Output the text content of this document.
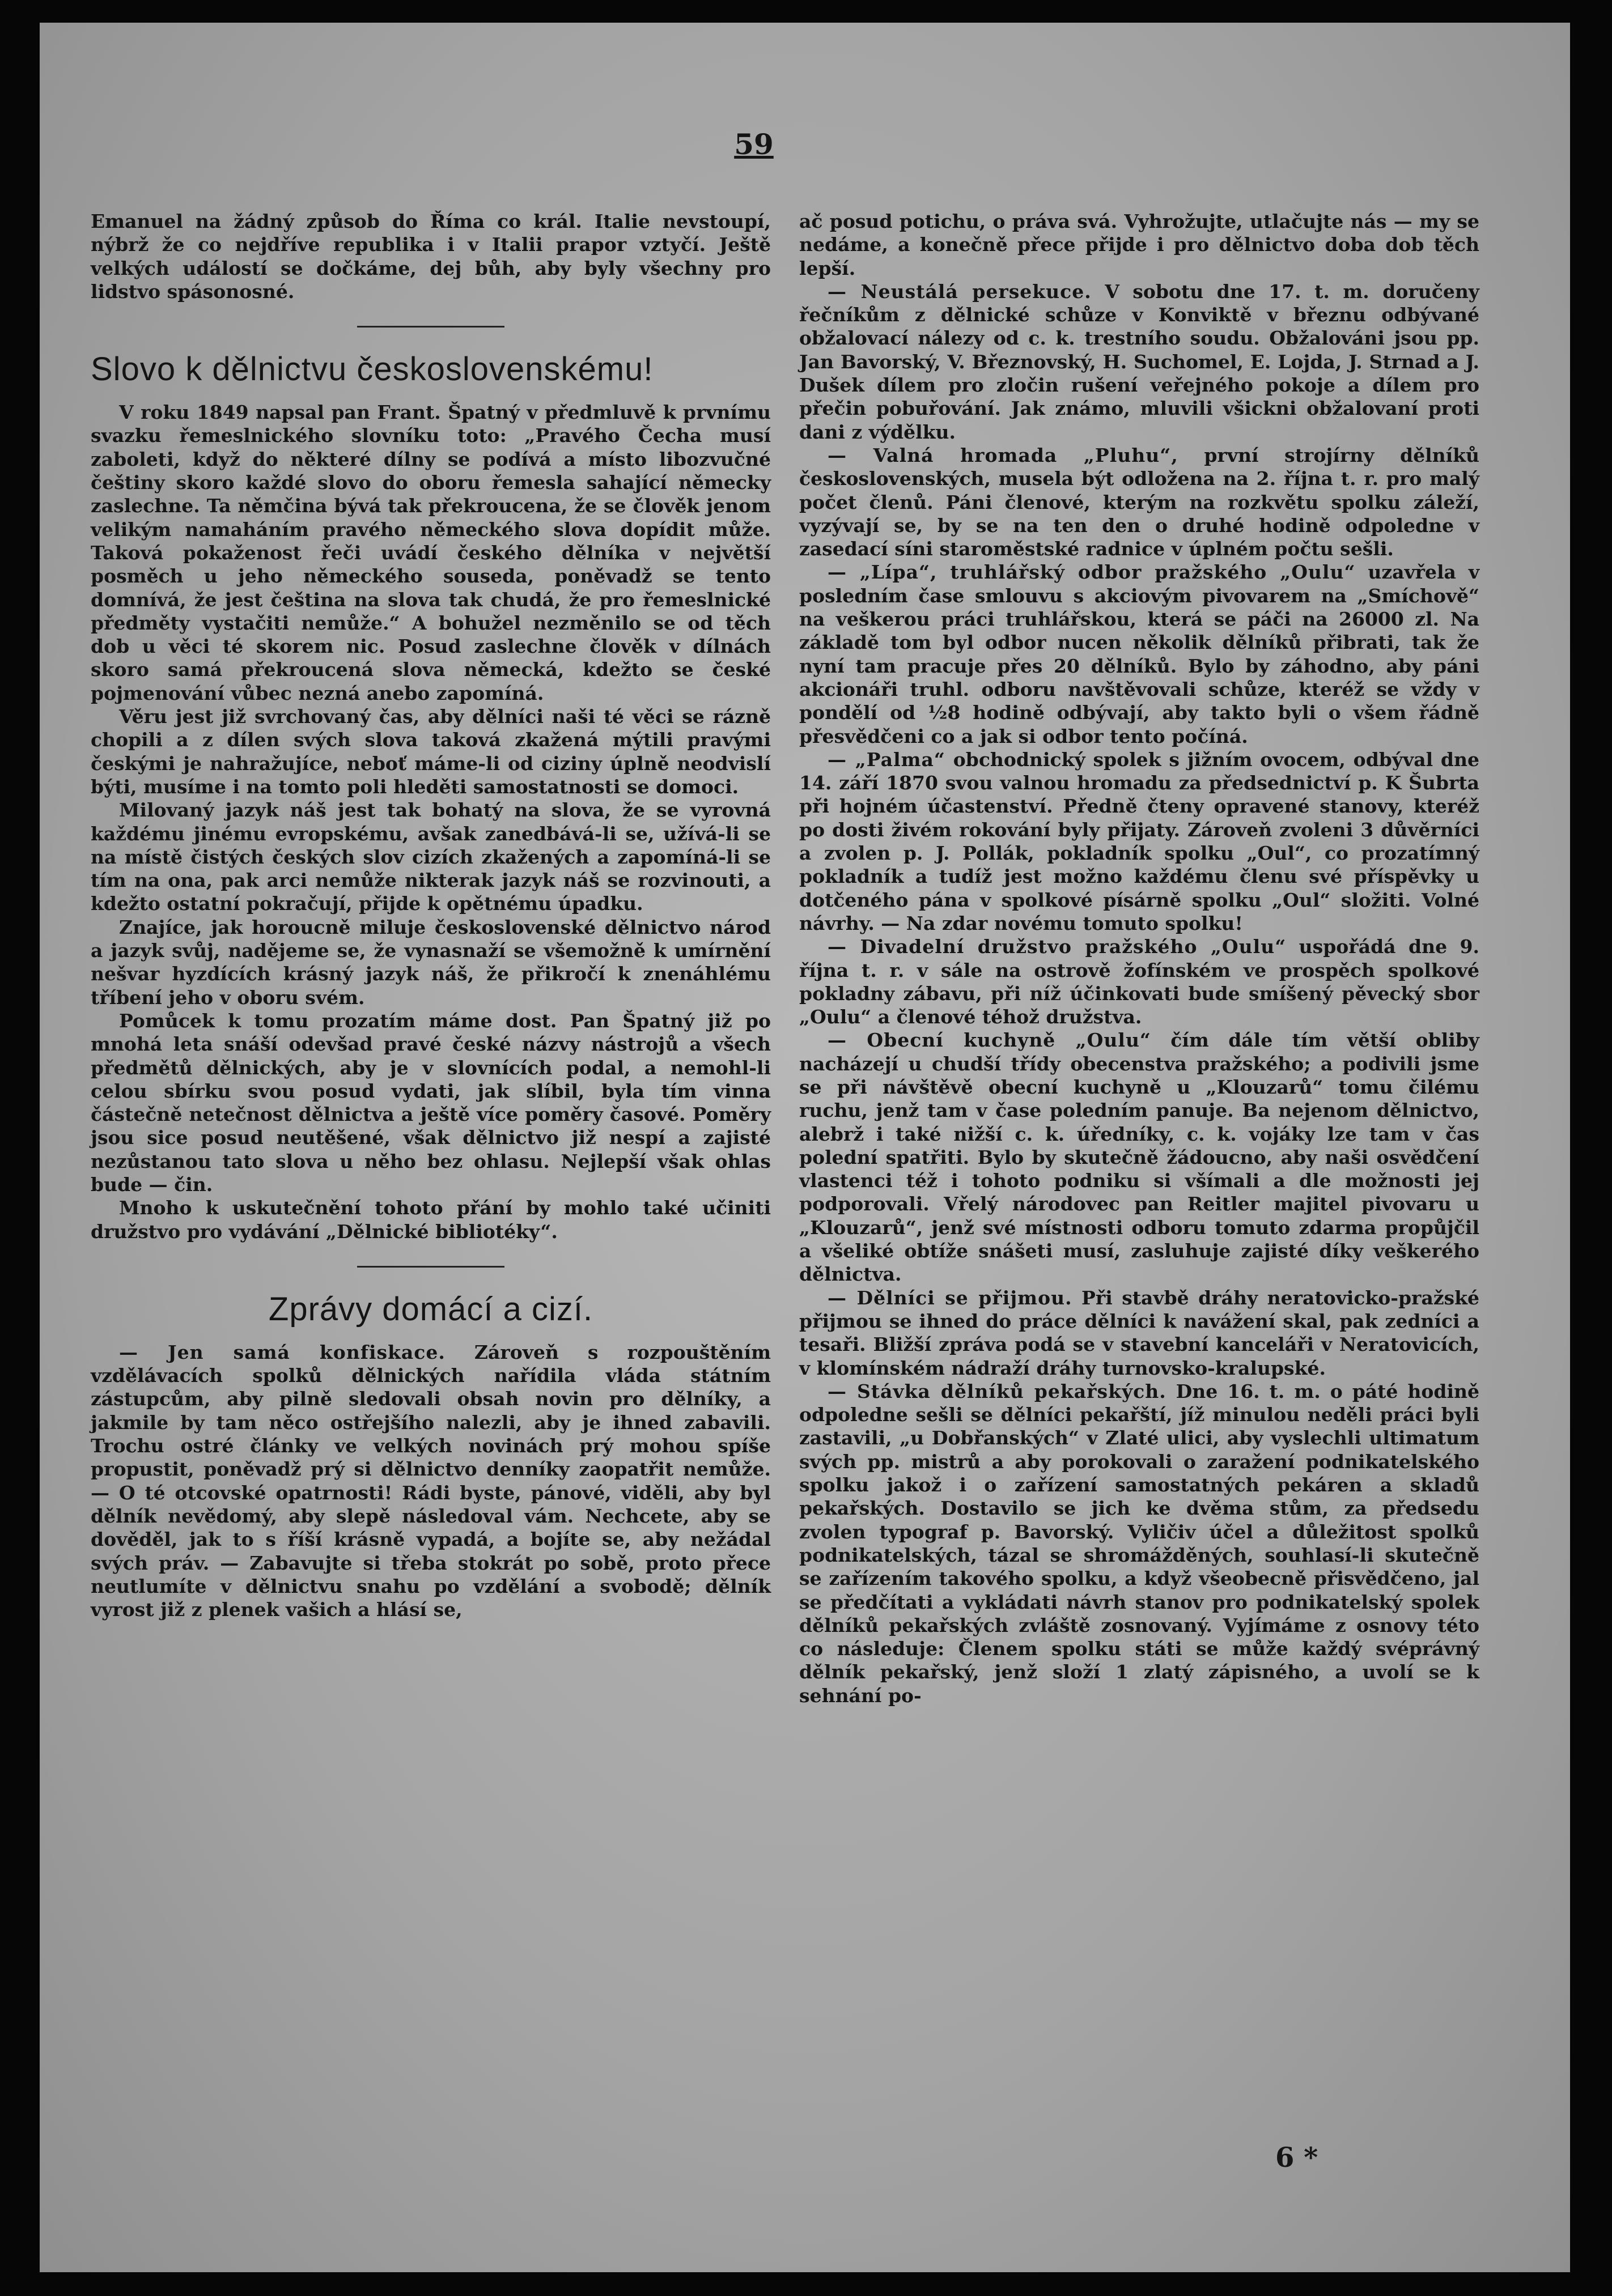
59

Emanuel na žádný způsob do Říma co král. Italie nevstoupí, nýbrž že co nejdříve republika i v Italii prapor vztyčí. Ještě velkých událostí se dočkáme, dej bůh, aby byly všechny pro lidstvo spásonosné.

Slovo k dělnictvu československému!

V roku 1849 napsal pan Frant. Špatný v předmluvě k prvnímu svazku řemeslnického slovníku toto: „Pravého Čecha musí zaboleti, když do některé dílny se podívá a místo libozvučné češtiny skoro každé slovo do oboru řemesla sahající německy zaslechne. Ta němčina bývá tak překroucena, že se člověk jenom velikým namaháním pravého německého slova dopídit může. Taková pokaženost řeči uvádí českého dělníka v největší posměch u jeho německého souseda, poněvadž se tento domnívá, že jest čeština na slova tak chudá, že pro řemeslnické předměty vystačiti nemůže.“ A bohužel nezměnilo se od těch dob u věci té skorem nic. Posud zaslechne člověk v dílnách skoro samá překroucená slova německá, kdežto se české pojmenování vůbec nezná anebo zapomíná.

Věru jest již svrchovaný čas, aby dělníci naši té věci se rázně chopili a z dílen svých slova taková zkažená mýtili pravými českými je nahražujíce, neboť máme-li od ciziny úplně neodvislí býti, musíme i na tomto poli hleděti samostatnosti se domoci.

Milovaný jazyk náš jest tak bohatý na slova, že se vyrovná každému jinému evropskému, avšak zanedbává-li se, užívá-li se na místě čistých českých slov cizích zkažených a zapomíná-li se tím na ona, pak arci nemůže nikterak jazyk náš se rozvinouti, a kdežto ostatní pokračují, přijde k opětnému úpadku.

Znajíce, jak horoucně miluje československé dělnictvo národ a jazyk svůj, nadějeme se, že vynasnaží se všemožně k umírnění nešvar hyzdících krásný jazyk náš, že přikročí k znenáhlému tříbení jeho v oboru svém.

Pomůcek k tomu prozatím máme dost. Pan Špatný již po mnohá leta snáší odevšad pravé české názvy nástrojů a všech předmětů dělnických, aby je v slovnících podal, a nemohl-li celou sbírku svou posud vydati, jak slíbil, byla tím vinna částečně netečnost dělnictva a ještě více poměry časové. Poměry jsou sice posud neutěšené, však dělnictvo již nespí a zajisté nezůstanou tato slova u něho bez ohlasu. Nejlepší však ohlas bude — čin.

Mnoho k uskutečnění tohoto přání by mohlo také učiniti družstvo pro vydávání „Dělnické bibliotéky“.

Zprávy domácí a cizí.

— Jen samá konfiskace. Zároveň s rozpouštěním vzdělávacích spolků dělnických nařídila vláda státním zástupcům, aby pilně sledovali obsah novin pro dělníky, a jakmile by tam něco ostřejšího nalezli, aby je ihned zabavili. Trochu ostré články ve velkých novinách prý mohou spíše propustit, poněvadž prý si dělnictvo denníky zaopatřit nemůže. — O té otcovské opatrnosti! Rádi byste, pánové, viděli, aby byl dělník nevědomý, aby slepě následoval vám. Nechcete, aby se dověděl, jak to s říší krásně vypadá, a bojíte se, aby nežádal svých práv. — Zabavujte si třeba stokrát po sobě, proto přece neutlumíte v dělnictvu snahu po vzdělání a svobodě; dělník vyrost již z plenek vašich a hlásí se,

ač posud potichu, o práva svá. Vyhrožujte, utlačujte nás — my se nedáme, a konečně přece přijde i pro dělnictvo doba dob těch lepší.

— Neustálá persekuce. V sobotu dne 17. t. m. doručeny řečníkům z dělnické schůze v Konviktě v březnu odbývané obžalovací nálezy od c. k. trestního soudu. Obžalováni jsou pp. Jan Bavorský, V. Březnovský, H. Suchomel, E. Lojda, J. Strnad a J. Dušek dílem pro zločin rušení veřejného pokoje a dílem pro přečin pobuřování. Jak známo, mluvili všickni obžalovaní proti dani z výdělku.

— Valná hromada „Pluhu“, první strojírny dělníků československých, musela být odložena na 2. října t. r. pro malý počet členů. Páni členové, kterým na rozkvětu spolku záleží, vyzývají se, by se na ten den o druhé hodině odpoledne v zasedací síni staroměstské radnice v úplném počtu sešli.

— „Lípa“, truhlářský odbor pražského „Oulu“ uzavřela v posledním čase smlouvu s akciovým pivovarem na „Smíchově“ na veškerou práci truhlářskou, která se páči na 26000 zl. Na základě tom byl odbor nucen několik dělníků přibrati, tak že nyní tam pracuje přes 20 dělníků. Bylo by záhodno, aby páni akcionáři truhl. odboru navštěvovali schůze, kteréž se vždy v pondělí od ½8 hodině odbývají, aby takto byli o všem řádně přesvědčeni co a jak si odbor tento počíná.

— „Palma“ obchodnický spolek s jižním ovocem, odbýval dne 14. září 1870 svou valnou hromadu za předsednictví p. K Šubrta při hojném účastenství. Předně čteny opravené stanovy, kteréž po dosti živém rokování byly přijaty. Zároveň zvoleni 3 důvěrníci a zvolen p. J. Pollák, pokladník spolku „Oul“, co prozatímný pokladník a tudíž jest možno každému členu své příspěvky u dotčeného pána v spolkové písárně spolku „Oul“ složiti. Volné návrhy. — Na zdar novému tomuto spolku!

— Divadelní družstvo pražského „Oulu“ uspořádá dne 9. října t. r. v sále na ostrově žofínském ve prospěch spolkové pokladny zábavu, při níž účinkovati bude smíšený pěvecký sbor „Oulu“ a členové téhož družstva.

— Obecní kuchyně „Oulu“ čím dále tím větší obliby nacházejí u chudší třídy obecenstva pražského; a podivili jsme se při návštěvě obecní kuchyně u „Klouzarů“ tomu čilému ruchu, jenž tam v čase poledním panuje. Ba nejenom dělnictvo, alebrž i také nižší c. k. úředníky, c. k. vojáky lze tam v čas polední spatřiti. Bylo by skutečně žádoucno, aby naši osvědčení vlastenci též i tohoto podniku si všímali a dle možnosti jej podporovali. Vřelý národovec pan Reitler majitel pivovaru u „Klouzarů“, jenž své místnosti odboru tomuto zdarma propůjčil a všeliké obtíže snášeti musí, zasluhuje zajisté díky veškerého dělnictva.

— Dělníci se přijmou. Při stavbě dráhy neratovicko-pražské přijmou se ihned do práce dělníci k navážení skal, pak zedníci a tesaři. Bližší zpráva podá se v stavební kanceláři v Neratovicích, v klomínském nádraží dráhy turnovsko-kralupské.

— Stávka dělníků pekařských. Dne 16. t. m. o páté hodině odpoledne sešli se dělníci pekařští, jíž minulou neděli práci byli zastavili, „u Dobřanských“ v Zlaté ulici, aby vyslechli ultimatum svých pp. mistrů a aby porokovali o zaražení podnikatelského spolku jakož i o zařízení samostatných pekáren a skladů pekařských. Dostavilo se jich ke dvěma stům, za předsedu zvolen typograf p. Bavorský. Vyličiv účel a důležitost spolků podnikatelských, tázal se shromážděných, souhlasí-li skutečně se zařízením takového spolku, a když všeobecně přisvědčeno, jal se předčítati a vykládati návrh stanov pro podnikatelský spolek dělníků pekařských zvláště zosnovaný. Vyjímáme z osnovy této co následuje: Členem spolku státi se může každý svéprávný dělník pekařský, jenž složí 1 zlatý zápisného, a uvolí se k sehnání po-

6 *
